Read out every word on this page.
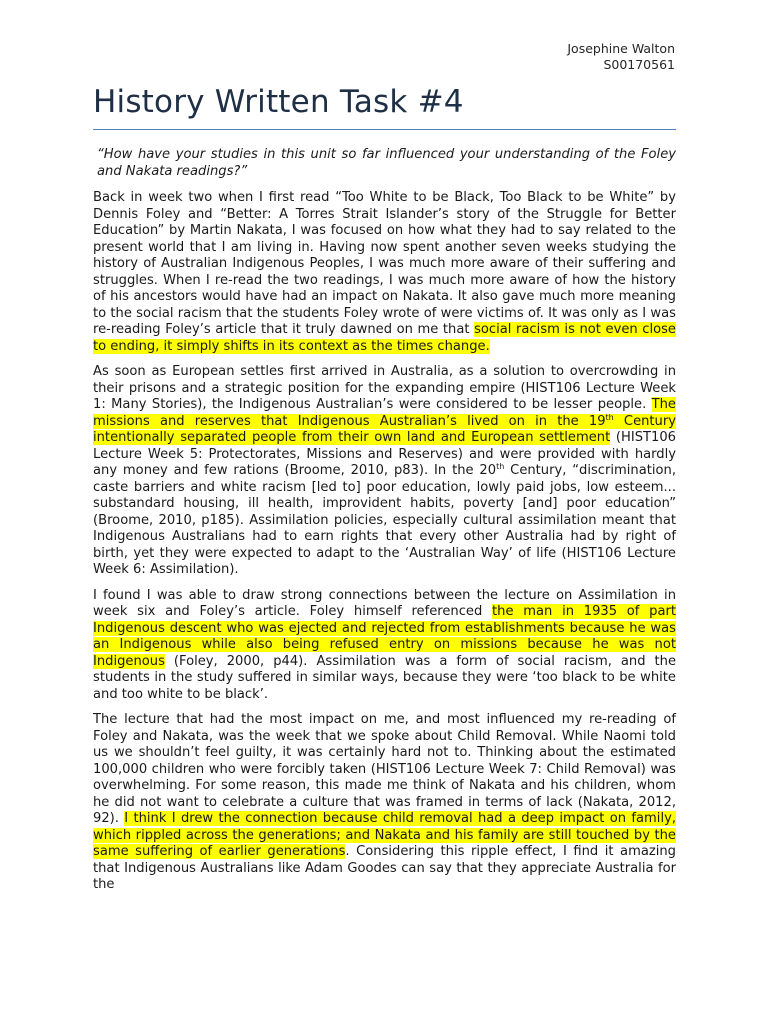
Josephine Walton
S00170561
History Written Task #4

“How have your studies in this unit so far influenced your understanding of the Foley and Nakata readings?”

Back in week two when I first read “Too White to be Black, Too Black to be White” by Dennis Foley and “Better: A Torres Strait Islander’s story of the Struggle for Better Education” by Martin Nakata, I was focused on how what they had to say related to the present world that I am living in. Having now spent another seven weeks studying the history of Australian Indigenous Peoples, I was much more aware of their suffering and struggles. When I re-read the two readings, I was much more aware of how the history of his ancestors would have had an impact on Nakata. It also gave much more meaning to the social racism that the students Foley wrote of were victims of. It was only as I was re-reading Foley’s article that it truly dawned on me that social racism is not even close to ending, it simply shifts in its context as the times change.

As soon as European settles first arrived in Australia, as a solution to overcrowding in their prisons and a strategic position for the expanding empire (HIST106 Lecture Week 1: Many Stories), the Indigenous Australian’s were considered to be lesser people. The missions and reserves that Indigenous Australian’s lived on in the 19th Century intentionally separated people from their own land and European settlement (HIST106 Lecture Week 5: Protectorates, Missions and Reserves) and were provided with hardly any money and few rations (Broome, 2010, p83). In the 20th Century, “discrimination, caste barriers and white racism [led to] poor education, lowly paid jobs, low esteem... substandard housing, ill health, improvident habits, poverty [and] poor education” (Broome, 2010, p185). Assimilation policies, especially cultural assimilation meant that Indigenous Australians had to earn rights that every other Australia had by right of birth, yet they were expected to adapt to the ‘Australian Way’ of life (HIST106 Lecture Week 6: Assimilation).

I found I was able to draw strong connections between the lecture on Assimilation in week six and Foley’s article. Foley himself referenced the man in 1935 of part Indigenous descent who was ejected and rejected from establishments because he was an Indigenous while also being refused entry on missions because he was not Indigenous (Foley, 2000, p44). Assimilation was a form of social racism, and the students in the study suffered in similar ways, because they were ‘too black to be white and too white to be black’.

The lecture that had the most impact on me, and most influenced my re-reading of Foley and Nakata, was the week that we spoke about Child Removal. While Naomi told us we shouldn’t feel guilty, it was certainly hard not to. Thinking about the estimated 100,000 children who were forcibly taken (HIST106 Lecture Week 7: Child Removal) was overwhelming. For some reason, this made me think of Nakata and his children, whom he did not want to celebrate a culture that was framed in terms of lack (Nakata, 2012, 92). I think I drew the connection because child removal had a deep impact on family, which rippled across the generations; and Nakata and his family are still touched by the same suffering of earlier generations. Considering this ripple effect, I find it amazing that Indigenous Australians like Adam Goodes can say that they appreciate Australia for the
